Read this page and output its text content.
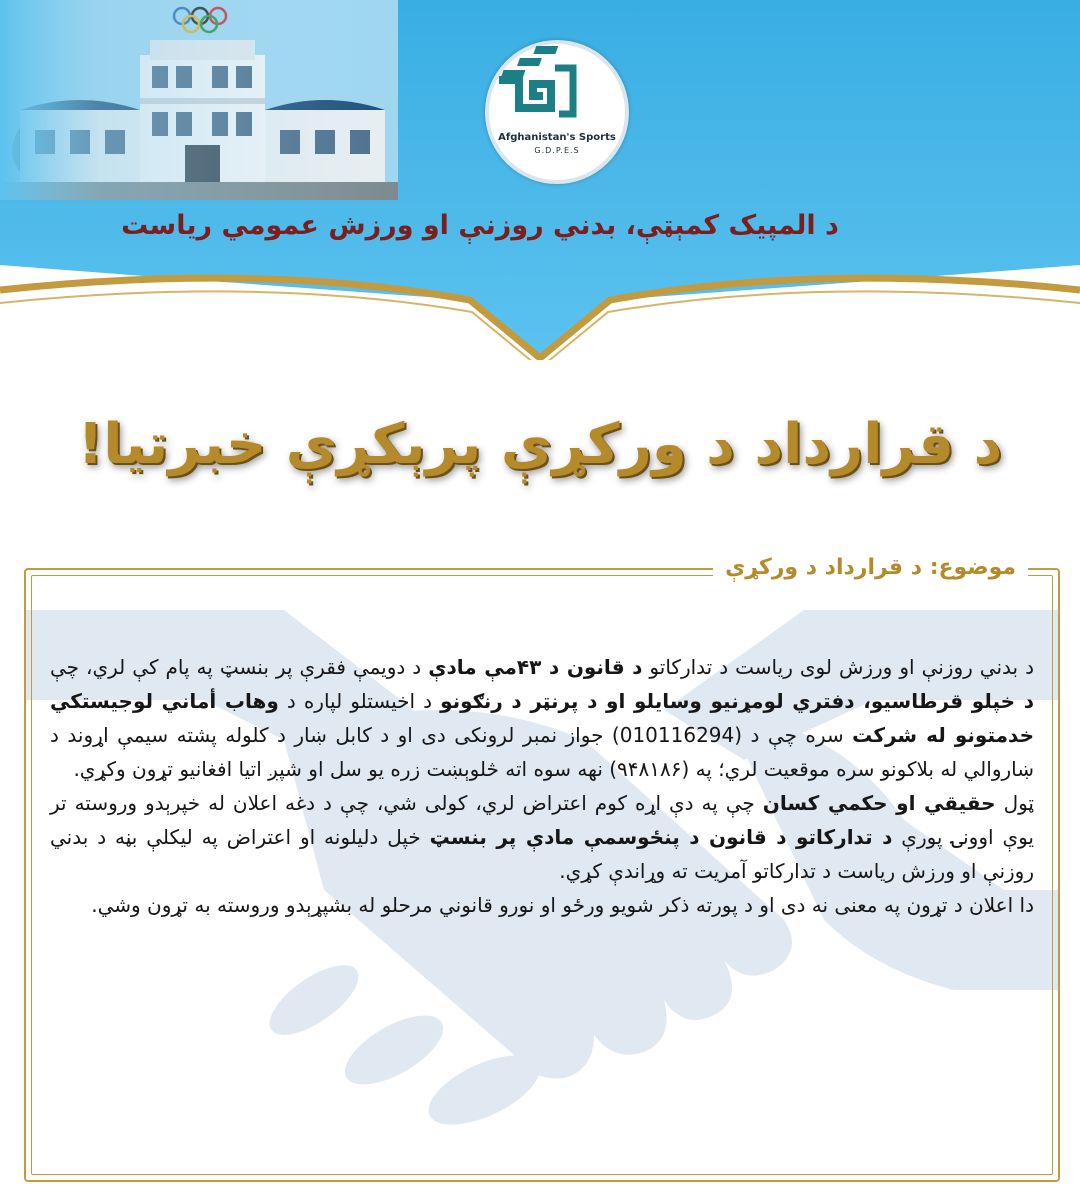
Afghanistan's Sports
G.D.P.E.S
د المپیک کمېټې، بدني روزنې او ورزش عمومي ریاست
د قرارداد د ورکړې پرېکړې خبرتیا!
موضوع: د قرارداد د ورکړې

د بدني روزنې او ورزش لوی ریاست د تدارکاتو د قانون د ۴۳مې مادې د دویمې فقرې پر بنسټ په پام کې لري، چې د خپلو قرطاسیو، دفتري لومړنیو وسایلو او د پرنټر د رنګونو د اخیستلو لپاره د وهاب أماني لوجیستکي خدمتونو له شرکت سره چې د (010116294) جواز نمبر لرونکی دی او د کابل ښار د کلوله پشته سیمې اړوند د ښاروالي له بلاکونو سره موقعیت لري؛ په (۹۴۸۱۸۶) نهه سوه اته څلوېښت زره یو سل او شپږ اتیا افغانیو تړون وکړي.

ټول حقیقي او حکمي کسان چې په دې اړه کوم اعتراض لري، کولی شي، چې د دغه اعلان له خپرېدو وروسته تر یوې اوونۍ پورې د تدارکاتو د قانون د پنځوسمې مادې پر بنسټ خپل دلیلونه او اعتراض په لیکلې بڼه د بدني روزنې او ورزش ریاست د تدارکاتو آمریت ته وړاندې کړي.

دا اعلان د تړون په معنی نه دی او د پورته ذکر شویو ورځو او نورو قانوني مرحلو له بشپړېدو وروسته به تړون وشي.
